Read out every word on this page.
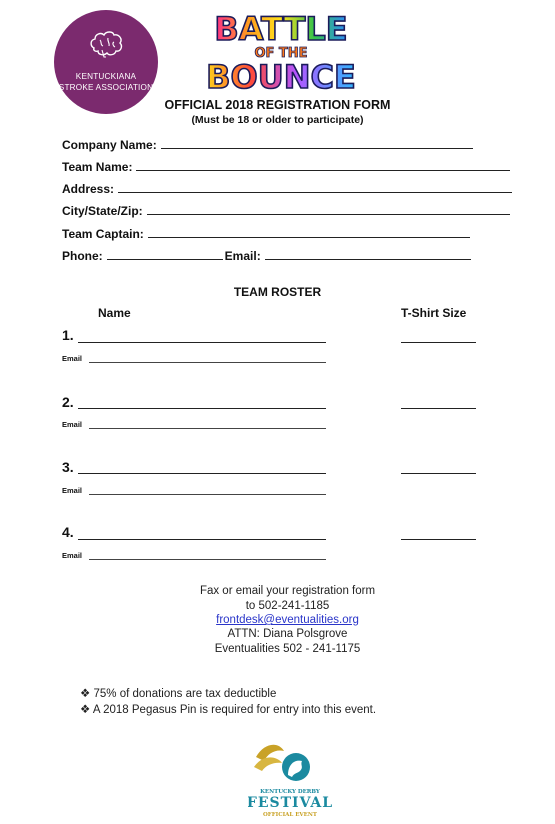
KENTUCKIANA
STROKE ASSOCIATION
BATTLE
OF THE
BOUNCE
OFFICIAL 2018 REGISTRATION FORM
(Must be 18 or older to participate)
Company Name:
Team Name:
Address:
City/State/Zip:
Team Captain:
Phone:	Email:
TEAM ROSTER
Name	T-Shirt Size
1.
Email
2.
Email
3.
Email
4.
Email
Fax or email your registration form
to 502-241-1185
frontdesk@eventualities.org
ATTN: Diana Polsgrove
Eventualities 502 - 241-1175
❖ 75% of donations are tax deductible
❖ A 2018 Pegasus Pin is required for entry into this event.
KENTUCKY DERBY
FESTIVAL
OFFICIAL EVENT
